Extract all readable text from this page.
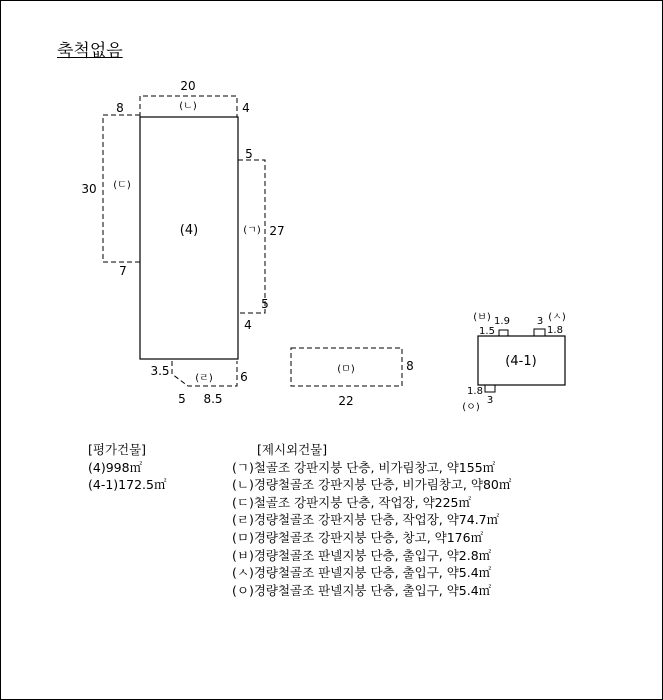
축척없음
(4)
(4-1)
(ㄴ)
(ㄷ)
(ㄱ)
(ㄹ)
(ㅁ)
(ㅂ)	(ㅅ)
(ㅇ)
20
8	4
30
7
5
27
5
4
3.5	6
5 8.5	22
8
1.9
1.5
3
1.8
1.8
3
[평가건물]
(4)998㎡
(4-1)172.5㎡
[제시외건물]
(ㄱ)철골조 강판지붕 단층, 비가림창고, 약155㎡
(ㄴ)경량철골조 강판지붕 단층, 비가림창고, 약80㎡
(ㄷ)철골조 강판지붕 단층, 작업장, 약225㎡
(ㄹ)경량철골조 강판지붕 단층, 작업장, 약74.7㎡
(ㅁ)경량철골조 강판지붕 단층, 창고, 약176㎡
(ㅂ)경량철골조 판넬지붕 단층, 출입구, 약2.8㎡
(ㅅ)경량철골조 판넬지붕 단층, 출입구, 약5.4㎡
(ㅇ)경량철골조 판넬지붕 단층, 출입구, 약5.4㎡
